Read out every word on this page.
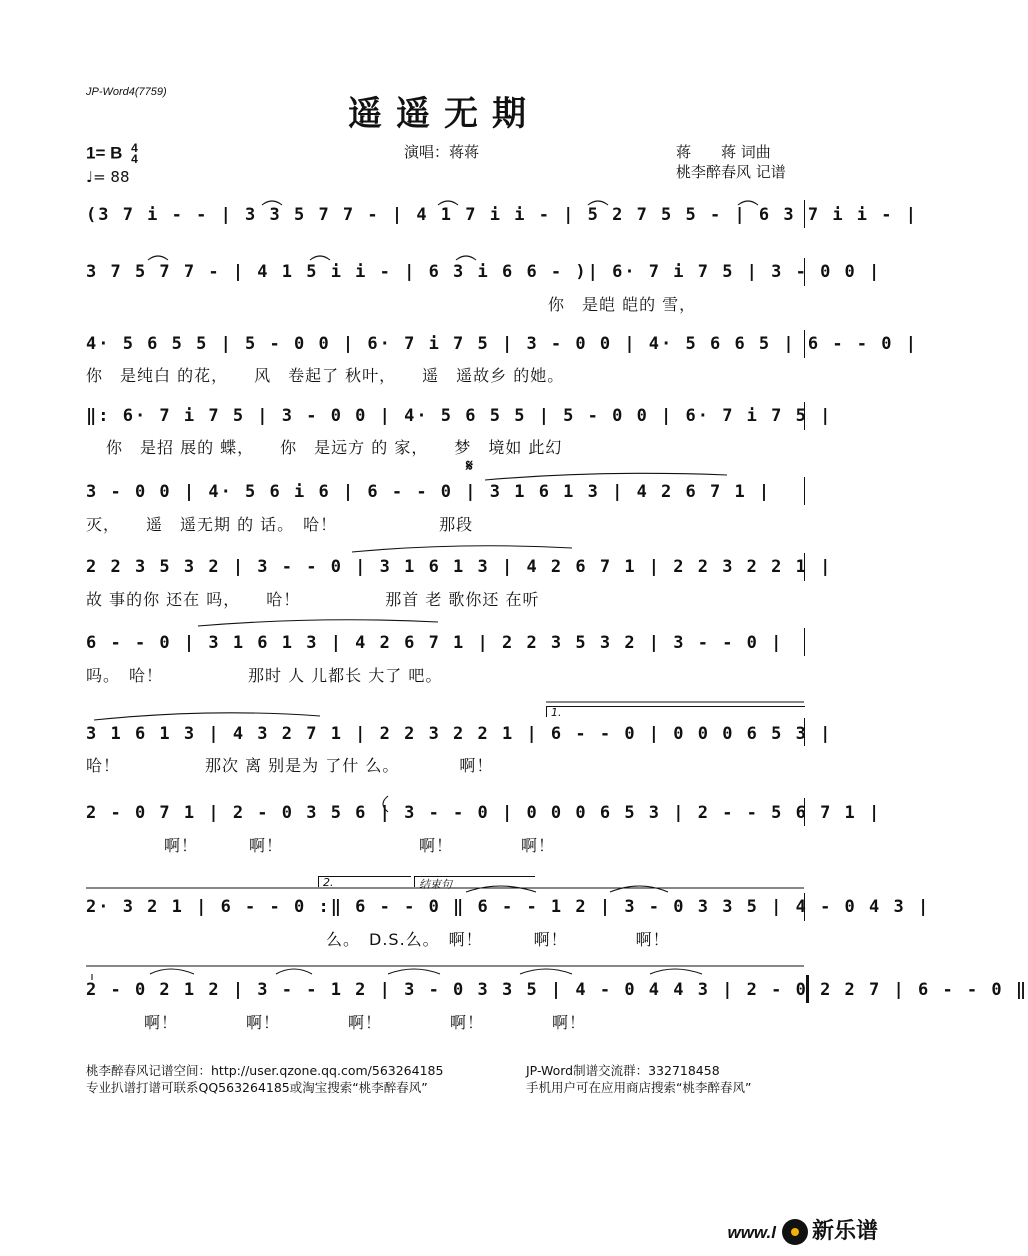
JP-Word4(7759)
遥遥无期
1= B 4
4
♩= 88
演唱：蒋蒋	蒋　　蒋 词曲
桃李醉春风 记谱
1.
2.	结束句
𝄋
(3 7 i - - | 3 3 5 7 7 - | 4 1 7 i i - | 5 2 7 5 5 - | 6 3 7 i i - |
3 7 5 7 7 - | 4 1 5 i i - | 6 3 i 6 6 - )| 6· 7 i 7 5 | 3 - 0 0 |
你　是皑 皑的 雪，
4· 5 6 5 5 | 5 - 0 0 | 6· 7 i 7 5 | 3 - 0 0 | 4· 5 6 6 5 | 6 - - 0 |
你　是纯白 的花，　　风　卷起了 秋叶，　　遥　遥故乡 的她。
‖: 6· 7 i 7 5 | 3 - 0 0 | 4· 5 6 5 5 | 5 - 0 0 | 6· 7 i 7 5 |
你　是招 展的 蝶，　　你　是远方 的 家，　　梦　境如 此幻
3 - 0 0 | 4· 5 6 i 6 | 6 - - 0 | 3 1 6 1 3 | 4 2 6 7 1 |
灭，　　遥　遥无期 的 话。　哈！　　　　　　那段
2 2 3 5 3 2 | 3 - - 0 | 3 1 6 1 3 | 4 2 6 7 1 | 2 2 3 2 2 1 |
故 事的你 还在 吗，　　哈！　　　　　那首 老 歌你还 在听
6 - - 0 | 3 1 6 1 3 | 4 2 6 7 1 | 2 2 3 5 3 2 | 3 - - 0 |
吗。　哈！　　　　　那时 人 儿都长 大了 吧。
3 1 6 1 3 | 4 3 2 7 1 | 2 2 3 2 2 1 | 6 - - 0 | 0 0 0 6 5 3 |
哈！　　　　　那次 离 别是为 了什 么。　　　　啊！
2 - 0 7 1 | 2 - 0 3 5 6 | 3 - - 0 | 0 0 0 6 5 3 | 2 - - 5 6 7 1 |
啊！　　　啊！　　　　　　　　啊！　　　　啊！
2· 3 2 1 | 6 - - 0 :‖ 6 - - 0 ‖ 6 - - 1 2 | 3 - 0 3 3 5 | 4 - 0 4 3 |
么。　D.S.么。　啊！　　　啊！　　　　啊！
2 - 0 2 1 2 | 3 - - 1 2 | 3 - 0 3 3 5 | 4 - 0 4 4 3 | 2 - 0 2 2 7 | 6 - - 0 ‖
啊！　　　　啊！　　　　啊！　　　　啊！　　　　啊！
桃李醉春风记谱空间：http://user.qzone.qq.com/563264185
专业扒谱打谱可联系QQ563264185或淘宝搜索“桃李醉春风”
JP-Word制谱交流群：332718458
手机用户可在应用商店搜索“桃李醉春风”
www.l 新乐谱
